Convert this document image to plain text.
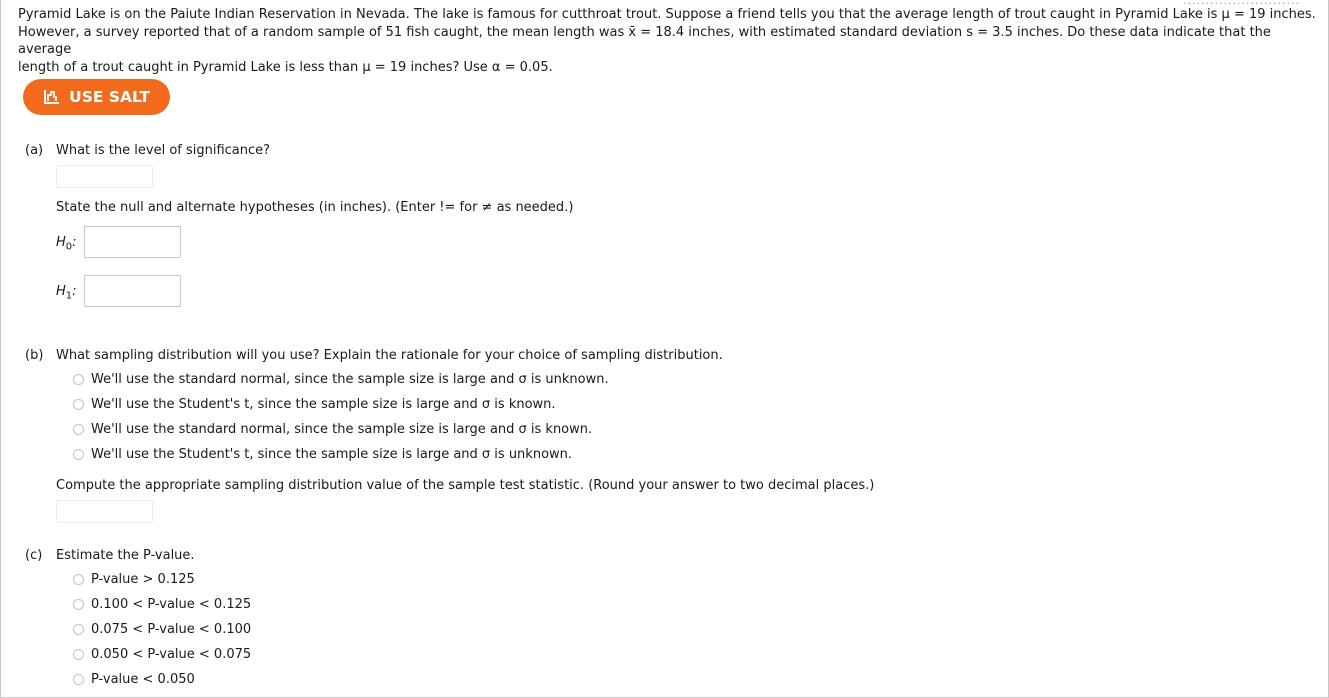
··························

Pyramid Lake is on the Paiute Indian Reservation in Nevada. The lake is famous for cutthroat trout. Suppose a friend tells you that the average length of trout caught in Pyramid Lake is μ = 19 inches.

However, a survey reported that of a random sample of 51 fish caught, the mean length was x̄ = 18.4 inches, with estimated standard deviation s = 3.5 inches. Do these data indicate that the average

length of a trout caught in Pyramid Lake is less than μ = 19 inches? Use α = 0.05.

USE SALT
(a) What is the level of significance?
State the null and alternate hypotheses (in inches). (Enter != for ≠ as needed.)
$H_0$:
$H_1$:
(b) What sampling distribution will you use? Explain the rationale for your choice of sampling distribution.
We'll use the standard normal, since the sample size is large and σ is unknown.
We'll use the Student's t, since the sample size is large and σ is known.
We'll use the standard normal, since the sample size is large and σ is known.
We'll use the Student's t, since the sample size is large and σ is unknown.
Compute the appropriate sampling distribution value of the sample test statistic. (Round your answer to two decimal places.)
(c) Estimate the P-value.
P-value > 0.125
0.100 < P-value < 0.125
0.075 < P-value < 0.100
0.050 < P-value < 0.075
P-value < 0.050
